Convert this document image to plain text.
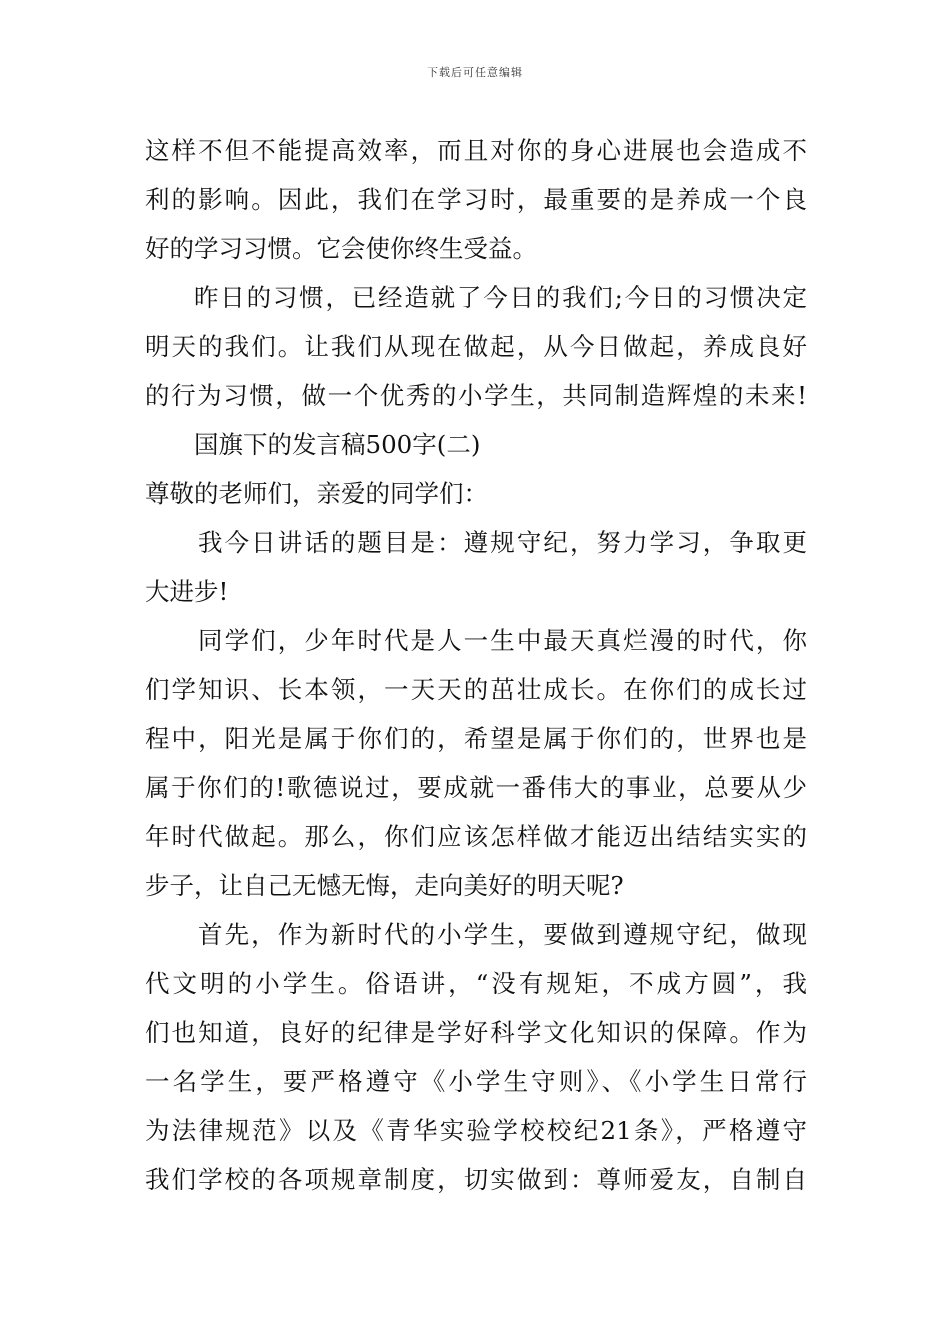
下载后可任意编辑
这样不但不能提高效率，而且对你的身心进展也会造成不
利的影响。因此，我们在学习时，最重要的是养成一个良
好的学习习惯。它会使你终生受益。
昨日的习惯，已经造就了今日的我们;今日的习惯决定
明天的我们。让我们从现在做起，从今日做起，养成良好
的行为习惯，做一个优秀的小学生，共同制造辉煌的未来!
国旗下的发言稿500字(二)
尊敬的老师们，亲爱的同学们：
我今日讲话的题目是：遵规守纪，努力学习，争取更
大进步!
同学们，少年时代是人一生中最天真烂漫的时代，你
们学知识、长本领，一天天的茁壮成长。在你们的成长过
程中，阳光是属于你们的，希望是属于你们的，世界也是
属于你们的!歌德说过，要成就一番伟大的事业，总要从少
年时代做起。那么，你们应该怎样做才能迈出结结实实的
步子，让自己无憾无悔，走向美好的明天呢?
首先，作为新时代的小学生，要做到遵规守纪，做现
代文明的小学生。俗语讲，“没有规矩，不成方圆”，我
们也知道，良好的纪律是学好科学文化知识的保障。作为
一名学生，要严格遵守《小学生守则》、《小学生日常行
为法律规范》以及《青华实验学校校纪21条》，严格遵守
我们学校的各项规章制度，切实做到：尊师爱友，自制自
